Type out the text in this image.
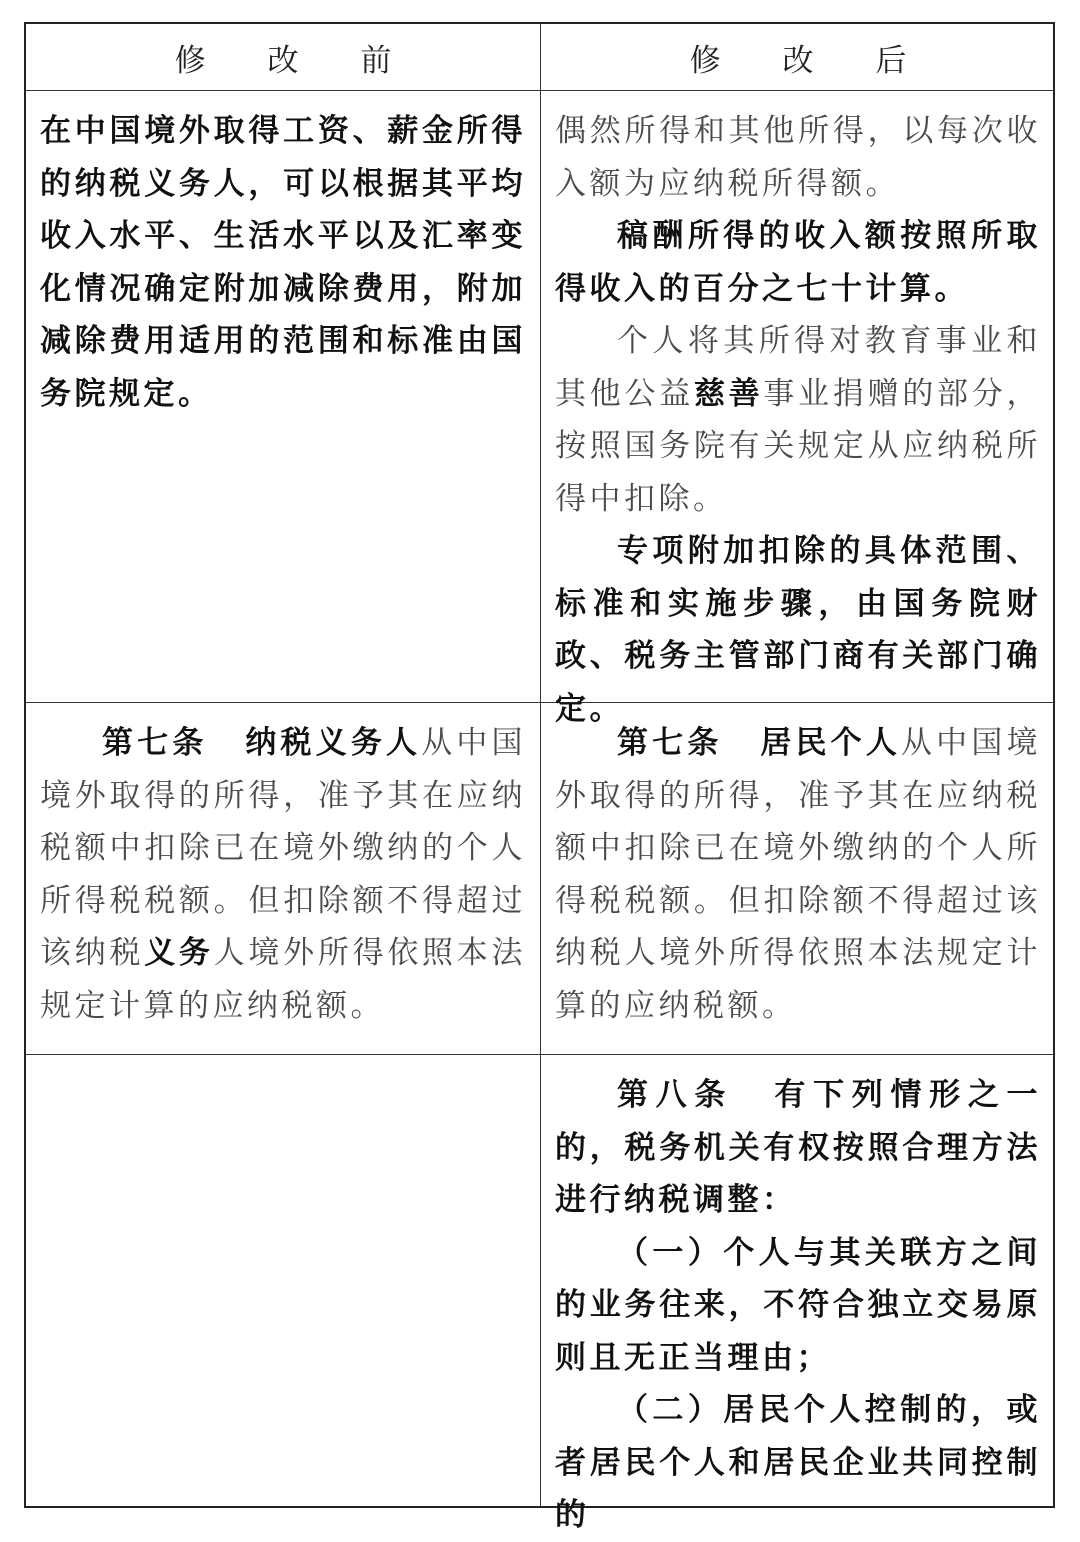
修 改 前	修 改 后

在中国境外取得工资、薪金所得的纳税义务人，可以根据其平均收入水平、生活水平以及汇率变化情况确定附加减除费用，附加减除费用适用的范围和标准由国务院规定。

偶然所得和其他所得，以每次收入额为应纳税所得额。

稿酬所得的收入额按照所取得收入的百分之七十计算。

个人将其所得对教育事业和其他公益慈善事业捐赠的部分，按照国务院有关规定从应纳税所得中扣除。

专项附加扣除的具体范围、标准和实施步骤，由国务院财政、税务主管部门商有关部门确定。

第七条 纳税义务人从中国境外取得的所得，准予其在应纳税额中扣除已在境外缴纳的个人所得税税额。但扣除额不得超过该纳税义务人境外所得依照本法规定计算的应纳税额。

第七条 居民个人从中国境外取得的所得，准予其在应纳税额中扣除已在境外缴纳的个人所得税税额。但扣除额不得超过该纳税人境外所得依照本法规定计算的应纳税额。

第八条 有下列情形之一的，税务机关有权按照合理方法进行纳税调整：

（一）个人与其关联方之间的业务往来，不符合独立交易原则且无正当理由；

（二）居民个人控制的，或者居民个人和居民企业共同控制的
